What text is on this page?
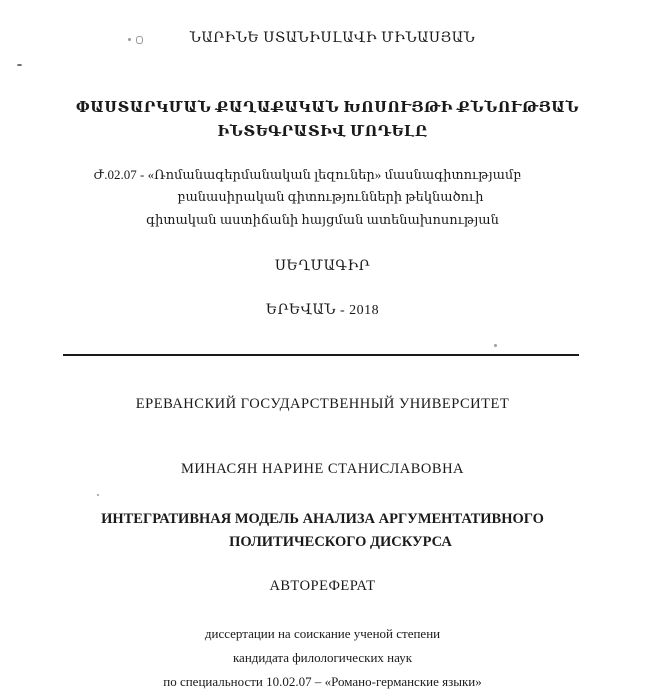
ՆԱՐԻՆԵ ՍՏԱՆԻՍԼԱՎԻ ՄԻՆԱՍՅԱՆ
ՓԱՍՏԱՐԿՄԱՆ ՔԱՂԱՔԱԿԱՆ ԽՈՍՈՒՅԹԻ ՔՆՆՈՒԹՅԱՆ
ԻՆՏԵԳՐԱՏԻՎ ՄՈԴԵԼԸ
Ժ.02.07 - «Ռոմանագերմանական լեզուներ» մասնագիտությամբ
բանասիրական գիտությունների թեկնածուի
գիտական աստիճանի հայցման ատենախոսության
ՍԵՂՄԱԳԻՐ
ԵՐԵՎԱՆ - 2018
ЕРЕВАНСКИЙ ГОСУДАРСТВЕННЫЙ УНИВЕРСИТЕТ
МИНАСЯН НАРИНЕ СТАНИСЛАВОВНА
ИНТЕГРАТИВНАЯ МОДЕЛЬ АНАЛИЗА АРГУМЕНТАТИВНОГО
ПОЛИТИЧЕСКОГО ДИСКУРСА
АВТОРЕФЕРАТ
диссертации на соискание ученой степени
кандидата филологических наук
по специальности 10.02.07 – «Романо-германские языки»
